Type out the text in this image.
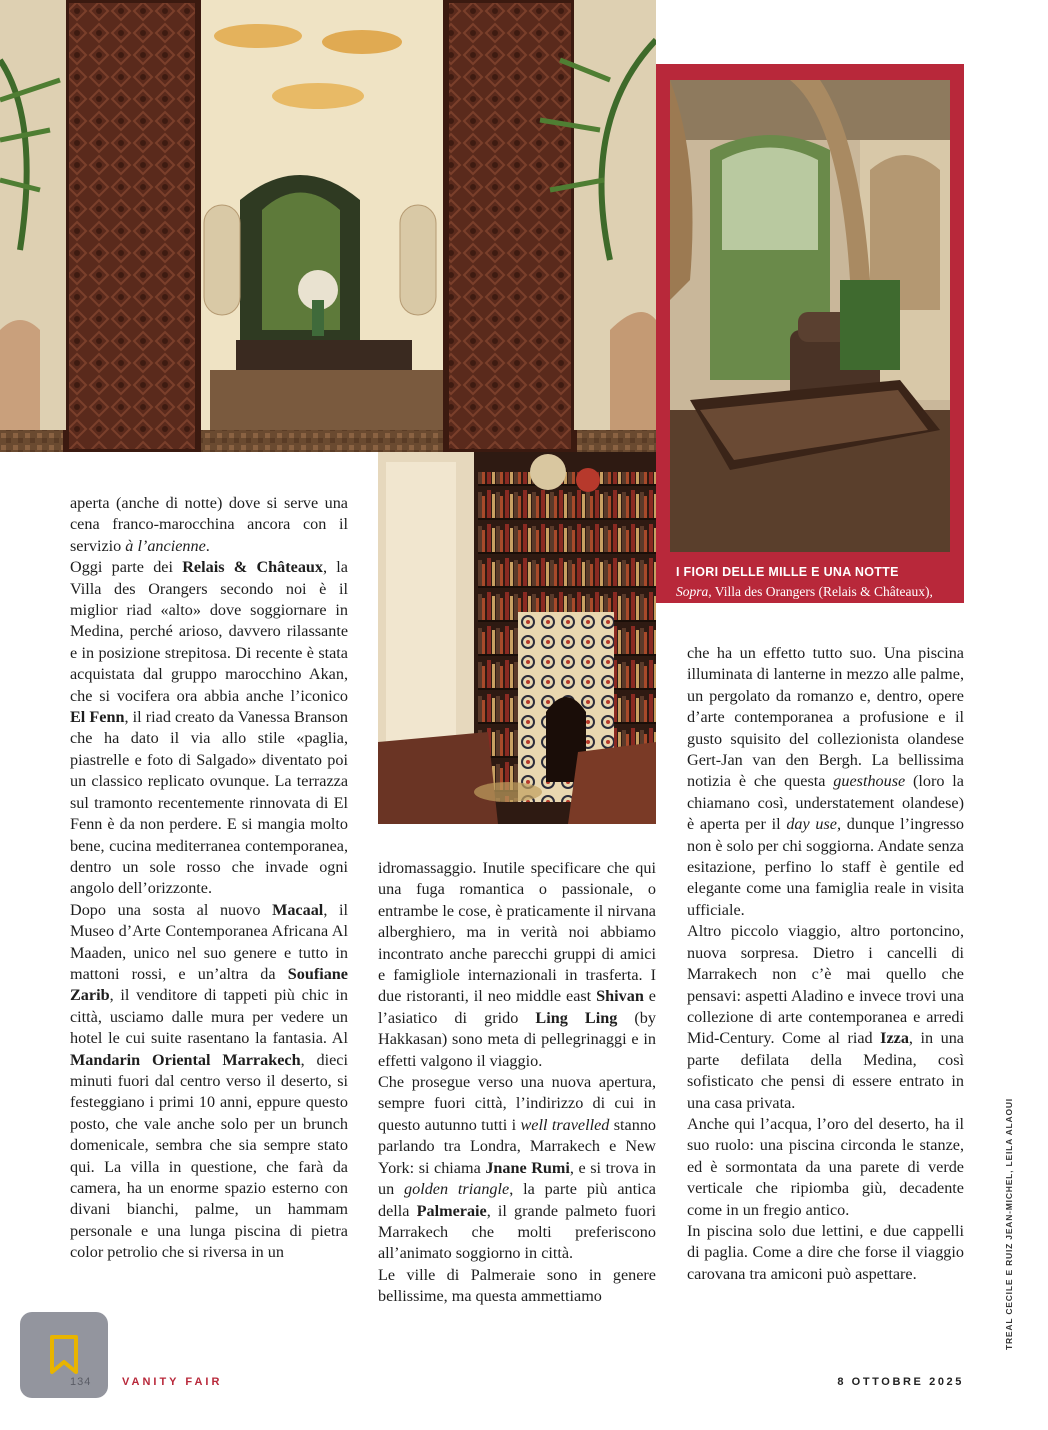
I FIORI DELLE MILLE E UNA NOTTE
Sopra, Villa des Orangers (Relais & Châteaux), antica dimora dove si cena tra gli alberi d’arancio. Sotto, la biblioteca al riad Izza, art hotel da 14 camere.

aperta (anche di notte) dove si serve una cena franco-marocchina ancora con il servizio à l’ancienne.

Oggi parte dei Relais & Châteaux, la Villa des Orangers secondo noi è il miglior riad «alto» dove soggiornare in Medina, perché arioso, davvero rilassante e in posizione strepitosa. Di recente è stata acquistata dal gruppo marocchino Akan, che si vocifera ora abbia anche l’iconico El Fenn, il riad creato da Vanessa Branson che ha dato il via allo stile «paglia, piastrelle e foto di Salgado» diventato poi un classico replicato ovunque. La terrazza sul tramonto recentemente rinnovata di El Fenn è da non perdere. E si mangia molto bene, cucina mediterranea contemporanea, dentro un sole rosso che invade ogni angolo dell’orizzonte.

Dopo una sosta al nuovo Macaal, il Museo d’Arte Contemporanea Africana Al Maaden, unico nel suo genere e tutto in mattoni rossi, e un’altra da Soufiane Zarib, il venditore di tappeti più chic in città, usciamo dalle mura per vedere un hotel le cui suite rasentano la fantasia. Al Mandarin Oriental Marrakech, dieci minuti fuori dal centro verso il deserto, si festeggiano i primi 10 anni, eppure questo posto, che vale anche solo per un brunch domenicale, sembra che sia sempre stato qui. La villa in questione, che farà da camera, ha un enorme spazio esterno con divani bianchi, palme, un hammam personale e una lunga piscina di pietra color petrolio che si riversa in un

idromassaggio. Inutile specificare che qui una fuga romantica o passionale, o entrambe le cose, è praticamente il nirvana alberghiero, ma in verità noi abbiamo incontrato anche parecchi gruppi di amici e famigliole internazionali in trasferta. I due ristoranti, il neo middle east Shivan e l’asiatico di grido Ling Ling (by Hakkasan) sono meta di pellegrinaggi e in effetti valgono il viaggio.

Che prosegue verso una nuova apertura, sempre fuori città, l’indirizzo di cui in questo autunno tutti i well travelled stanno parlando tra Londra, Marrakech e New York: si chiama Jnane Rumi, e si trova in un golden triangle, la parte più antica della Palmeraie, il grande palmeto fuori Marrakech che molti preferiscono all’animato soggiorno in città.

Le ville di Palmeraie sono in genere bellissime, ma questa ammettiamo

che ha un effetto tutto suo. Una piscina illuminata di lanterne in mezzo alle palme, un pergolato da romanzo e, dentro, opere d’arte contemporanea a profusione e il gusto squisito del collezionista olandese Gert-Jan van den Bergh. La bellissima notizia è che questa guesthouse (loro la chiamano così, understatement olandese) è aperta per il day use, dunque l’ingresso non è solo per chi soggiorna. Andate senza esitazione, perfino lo staff è gentile ed elegante come una famiglia reale in visita ufficiale.

Altro piccolo viaggio, altro portoncino, nuova sorpresa. Dietro i cancelli di Marrakech non c’è mai quello che pensavi: aspetti Aladino e invece trovi una collezione di arte contemporanea e arredi Mid-Century. Come al riad Izza, in una parte defilata della Medina, così sofisticato che pensi di essere entrato in una casa privata.

Anche qui l’acqua, l’oro del deserto, ha il suo ruolo: una piscina circonda le stanze, ed è sormontata da una parete di verde verticale che ripiomba giù, decadente come in un fregio antico.

In piscina solo due lettini, e due cappelli di paglia. Come a dire che forse il viaggio carovana tra amiconi può aspettare.

VANITY FAIR	8 OTTOBRE 2025
TREAL CECILE E RUIZ JEAN-MICHEL, LEILA ALAOUI
